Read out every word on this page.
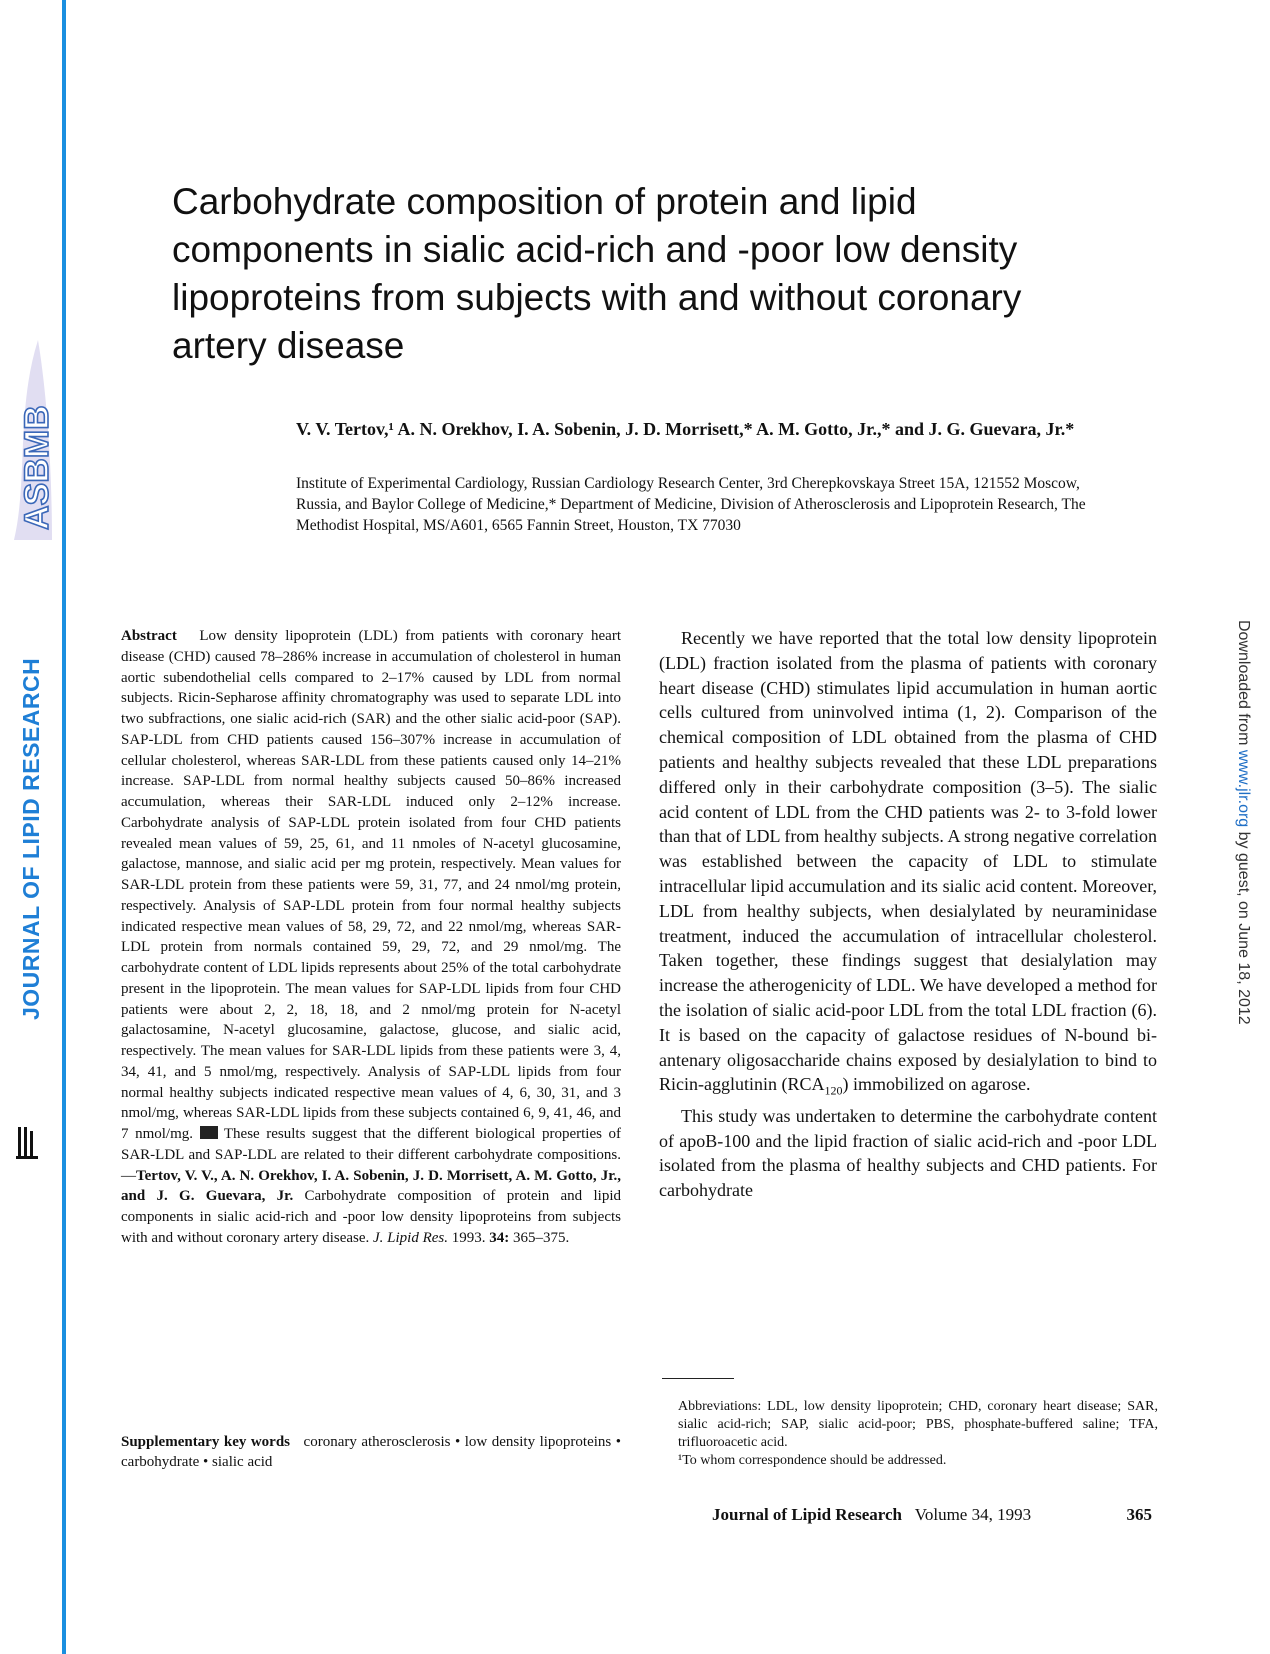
ASBMB
JOURNAL OF LIPID RESEARCH	Downloaded from www.jlr.org by guest, on June 18, 2012
Carbohydrate composition of protein and lipid components in sialic acid-rich and -poor low density lipoproteins from subjects with and without coronary artery disease
V. V. Tertov,¹ A. N. Orekhov, I. A. Sobenin, J. D. Morrisett,* A. M. Gotto, Jr.,* and J. G. Guevara, Jr.*
Institute of Experimental Cardiology, Russian Cardiology Research Center, 3rd Cherepkovskaya Street 15A, 121552 Moscow, Russia, and Baylor College of Medicine,* Department of Medicine, Division of Atherosclerosis and Lipoprotein Research, The Methodist Hospital, MS/A601, 6565 Fannin Street, Houston, TX 77030

Abstract Low density lipoprotein (LDL) from patients with coronary heart disease (CHD) caused 78–286% increase in accumulation of cholesterol in human aortic subendothelial cells compared to 2–17% caused by LDL from normal subjects. Ricin-Sepharose affinity chromatography was used to separate LDL into two subfractions, one sialic acid-rich (SAR) and the other sialic acid-poor (SAP). SAP-LDL from CHD patients caused 156–307% increase in accumulation of cellular cholesterol, whereas SAR-LDL from these patients caused only 14–21% increase. SAP-LDL from normal healthy subjects caused 50–86% increased accumulation, whereas their SAR-LDL induced only 2–12% increase. Carbohydrate analysis of SAP-LDL protein isolated from four CHD patients revealed mean values of 59, 25, 61, and 11 nmoles of N-acetyl glucosamine, galactose, mannose, and sialic acid per mg protein, respectively. Mean values for SAR-LDL protein from these patients were 59, 31, 77, and 24 nmol/mg protein, respectively. Analysis of SAP-LDL protein from four normal healthy subjects indicated respective mean values of 58, 29, 72, and 22 nmol/mg, whereas SAR-LDL protein from normals contained 59, 29, 72, and 29 nmol/mg. The carbohydrate content of LDL lipids represents about 25% of the total carbohydrate present in the lipoprotein. The mean values for SAP-LDL lipids from four CHD patients were about 2, 2, 18, 18, and 2 nmol/mg protein for N-acetyl galactosamine, N-acetyl glucosamine, galactose, glucose, and sialic acid, respectively. The mean values for SAR-LDL lipids from these patients were 3, 4, 34, 41, and 5 nmol/mg, respectively. Analysis of SAP-LDL lipids from four normal healthy subjects indicated respective mean values of 4, 6, 30, 31, and 3 nmol/mg, whereas SAR-LDL lipids from these subjects contained 6, 9, 41, 46, and 7 nmol/mg.  These results suggest that the different biological properties of SAR-LDL and SAP-LDL are related to their different carbohydrate compositions.—Tertov, V. V., A. N. Orekhov, I. A. Sobenin, J. D. Morrisett, A. M. Gotto, Jr., and J. G. Guevara, Jr. Carbohydrate composition of protein and lipid components in sialic acid-rich and -poor low density lipoproteins from subjects with and without coronary artery disease. J. Lipid Res. 1993. 34: 365–375.

Supplementary key words coronary atherosclerosis • low density lipoproteins • carbohydrate • sialic acid

Recently we have reported that the total low density lipoprotein (LDL) fraction isolated from the plasma of patients with coronary heart disease (CHD) stimulates lipid accumulation in human aortic cells cultured from uninvolved intima (1, 2). Comparison of the chemical composition of LDL obtained from the plasma of CHD patients and healthy subjects revealed that these LDL preparations differed only in their carbohydrate composition (3–5). The sialic acid content of LDL from the CHD patients was 2- to 3-fold lower than that of LDL from healthy subjects. A strong negative correlation was established between the capacity of LDL to stimulate intracellular lipid accumulation and its sialic acid content. Moreover, LDL from healthy subjects, when desialylated by neuraminidase treatment, induced the accumulation of intracellular cholesterol. Taken together, these findings suggest that desialylation may increase the atherogenicity of LDL. We have developed a method for the isolation of sialic acid-poor LDL from the total LDL fraction (6). It is based on the capacity of galactose residues of N-bound bi-antenary oligosaccharide chains exposed by desialylation to bind to Ricin-agglutinin $(RCA_{120})$ immobilized on agarose.

This study was undertaken to determine the carbohydrate content of apoB-100 and the lipid fraction of sialic acid-rich and -poor LDL isolated from the plasma of healthy subjects and CHD patients. For carbohydrate

Abbreviations: LDL, low density lipoprotein; CHD, coronary heart disease; SAR, sialic acid-rich; SAP, sialic acid-poor; PBS, phosphate-buffered saline; TFA, trifluoroacetic acid.

¹To whom correspondence should be addressed.

Journal of Lipid Research Volume 34, 1993	365
